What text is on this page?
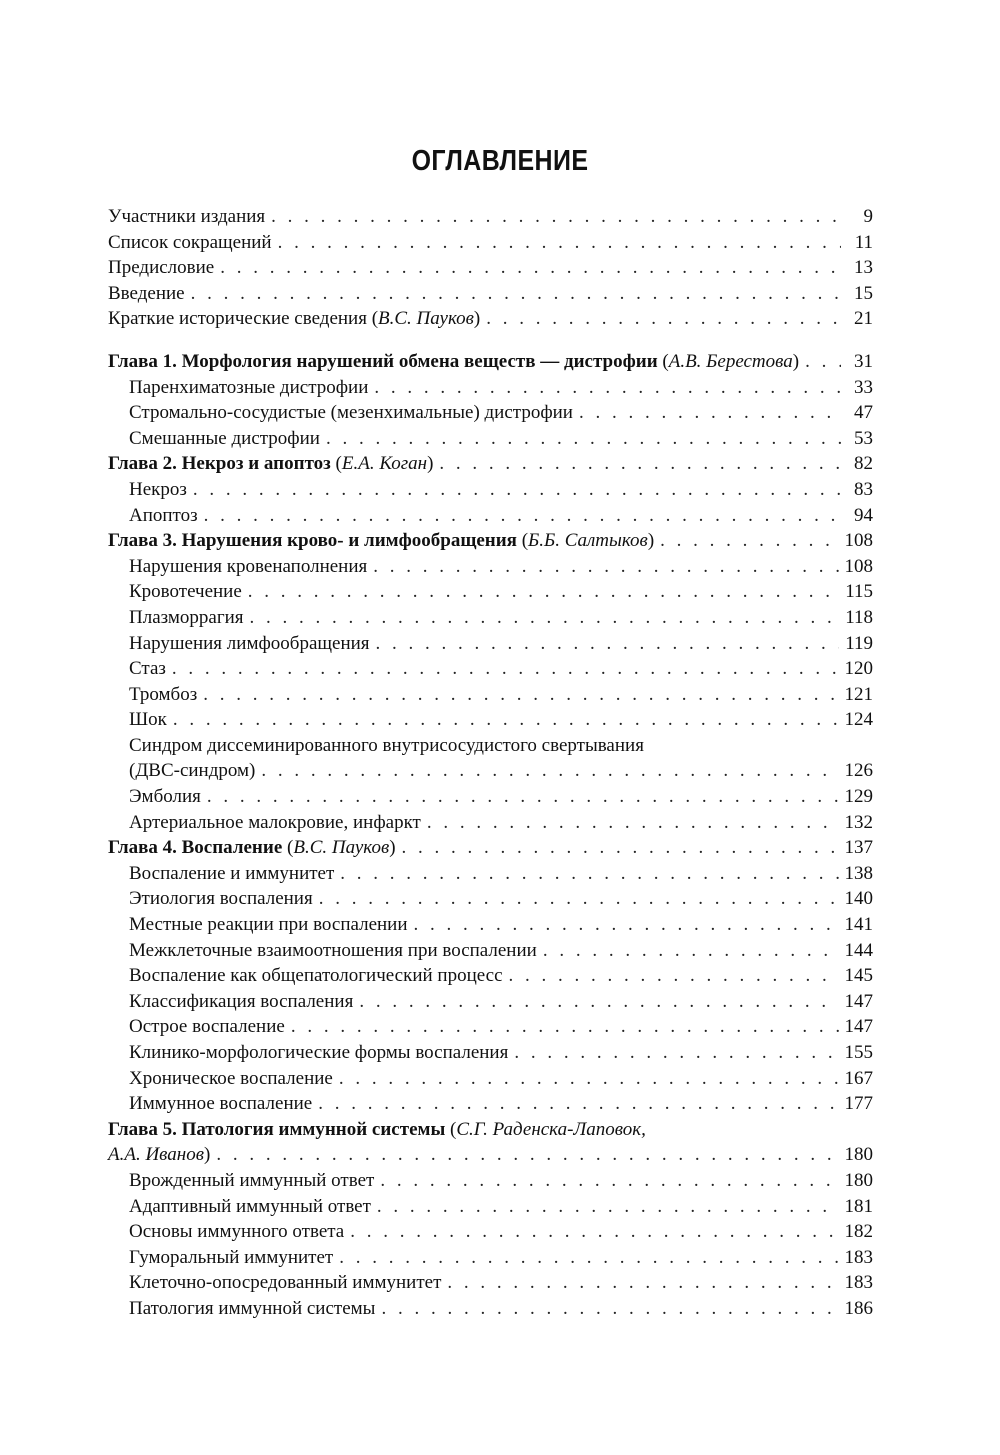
ОГЛАВЛЕНИЕ
Участники издания . . .	9
Список сокращений . . .	11
Предисловие . . .	13
Введение . . .	15
Краткие исторические сведения (В.С. Пауков) . . .	21
Глава 1. Морфология нарушений обмена веществ — дистрофии (А.В. Берестова) . . .	31
Паренхиматозные дистрофии . . .	33
Стромально-сосудистые (мезенхимальные) дистрофии . . .	47
Смешанные дистрофии . . .	53
Глава 2. Некроз и апоптоз (Е.А. Коган) . . .	82
Некроз . . .	83
Апоптоз . . .	94
Глава 3. Нарушения крово- и лимфообращения (Б.Б. Салтыков) . . .	108
Нарушения кровенаполнения . . .	108
Кровотечение . . .	115
Плазморрагия . . .	118
Нарушения лимфообращения . . .	119
Стаз . . .	120
Тромбоз . . .	121
Шок . . .	124
Синдром диссеминированного внутрисосудистого свертывания
(ДВС-синдром) . . .	126
Эмболия . . .	129
Артериальное малокровие, инфаркт . . .	132
Глава 4. Воспаление (В.С. Пауков) . . .	137
Воспаление и иммунитет . . .	138
Этиология воспаления . . .	140
Местные реакции при воспалении . . .	141
Межклеточные взаимоотношения при воспалении . . .	144
Воспаление как общепатологический процесс . . .	145
Классификация воспаления . . .	147
Острое воспаление . . .	147
Клинико-морфологические формы воспаления . . .	155
Хроническое воспаление . . .	167
Иммунное воспаление . . .	177
Глава 5. Патология иммунной системы (С.Г. Раденска-Лаповок,
А.А. Иванов) . . .	180
Врожденный иммунный ответ . . .	180
Адаптивный иммунный ответ . . .	181
Основы иммунного ответа . . .	182
Гуморальный иммунитет . . .	183
Клеточно-опосредованный иммунитет . . .	183
Патология иммунной системы . . .	186
